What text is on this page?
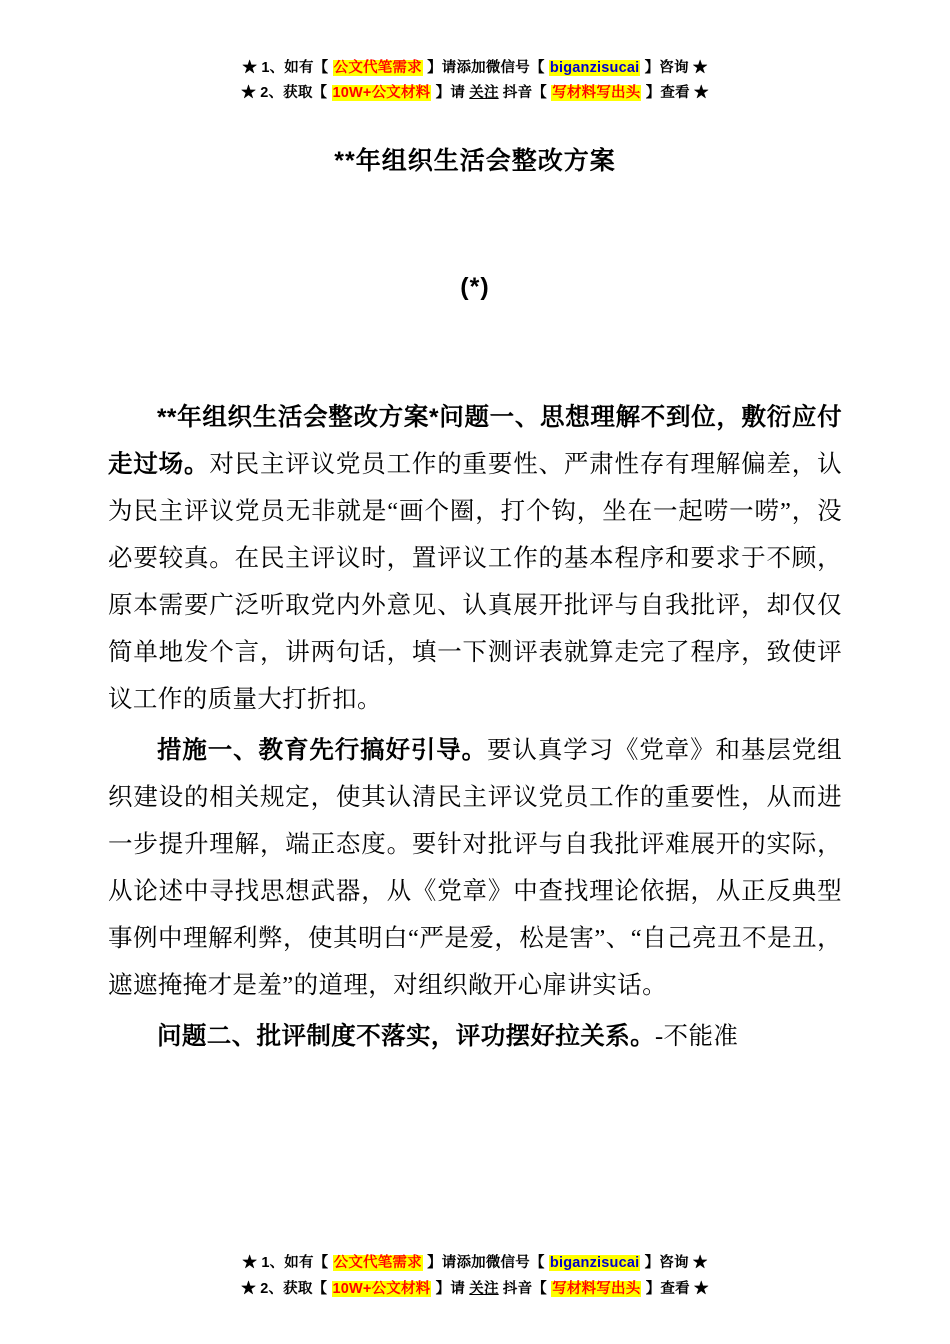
★ 1、如有【 公文代笔需求 】请添加微信号【 biganzisucai 】咨询 ★
★ 2、获取【 10W+公文材料 】请 关注 抖音【 写材料写出头 】查看 ★
**年组织生活会整改方案
(*)

**年组织生活会整改方案*问题一、思想理解不到位，敷衍应付走过场。对民主评议党员工作的重要性、严肃性存有理解偏差，认为民主评议党员无非就是“画个圈，打个钩，坐在一起唠一唠”，没必要较真。在民主评议时，置评议工作的基本程序和要求于不顾，原本需要广泛听取党内外意见、认真展开批评与自我批评，却仅仅简单地发个言，讲两句话，填一下测评表就算走完了程序，致使评议工作的质量大打折扣。

措施一、教育先行搞好引导。要认真学习《党章》和基层党组织建设的相关规定，使其认清民主评议党员工作的重要性，从而进一步提升理解，端正态度。要针对批评与自我批评难展开的实际，从论述中寻找思想武器，从《党章》中查找理论依据，从正反典型事例中理解利弊，使其明白“严是爱，松是害”、“自己亮丑不是丑，遮遮掩掩才是羞”的道理，对组织敞开心扉讲实话。

问题二、批评制度不落实，评功摆好拉关系。-不能准

★ 1、如有【 公文代笔需求 】请添加微信号【 biganzisucai 】咨询 ★
★ 2、获取【 10W+公文材料 】请 关注 抖音【 写材料写出头 】查看 ★
